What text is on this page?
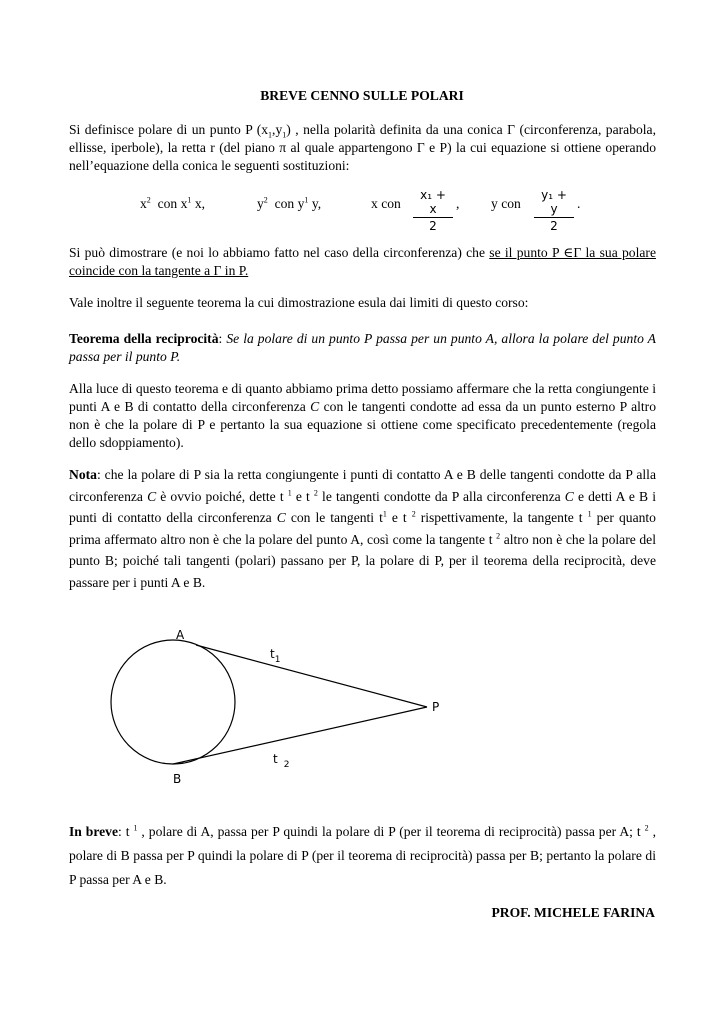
BREVE CENNO SULLE POLARI

Si definisce polare di un punto P $(x_1,y_1)$ , nella polarità definita da una conica Γ (circonferenza, parabola, ellisse, iperbole), la retta r (del piano π al quale appartengono Γ e P) la cui equazione si ottiene operando nell’equazione della conica le seguenti sostituzioni:

$x^2$ con $x^1$ x,	$y^2$ con $y^1$ y,	x con $\frac{\text{x₁ + x}}{2}$ , y con $\frac{\text{y₁ + y}}{2}$ .

Si può dimostrare (e noi lo abbiamo fatto nel caso della circonferenza) che se il punto P ∈Γ la sua polare coincide con la tangente a Γ in P.

Vale inoltre il seguente teorema la cui dimostrazione esula dai limiti di questo corso:

Teorema della reciprocità: Se la polare di un punto P passa per un punto A, allora la polare del punto A passa per il punto P.

Alla luce di questo teorema e di quanto abbiamo prima detto possiamo affermare che la retta congiungente i punti A e B di contatto della circonferenza C con le tangenti condotte ad essa da un punto esterno P altro non è che la polare di P e pertanto la sua equazione si ottiene come specificato precedentemente (regola dello sdoppiamento).

Nota: che la polare di P sia la retta congiungente i punti di contatto A e B delle tangenti condotte da P alla circonferenza C è ovvio poiché, dette t $^1$ e t $^2$ le tangenti condotte da P alla circonferenza C e detti A e B i punti di contatto della circonferenza C con le tangenti $t^1$ e t $^2$ rispettivamente, la tangente t $^1$ per quanto prima affermato altro non è che la polare del punto A, così come la tangente t $^2$ altro non è che la polare del punto B; poiché tali tangenti (polari) passano per P, la polare di P, per il teorema della reciprocità, deve passare per i punti A e B.

A
B
P
$t_1$
t $_2$

In breve: t $^1$ , polare di A, passa per P quindi la polare di P (per il teorema di reciprocità) passa per A; t $^2$ , polare di B passa per P quindi la polare di P (per il teorema di reciprocità) passa per B; pertanto la polare di P passa per A e B.

PROF. MICHELE FARINA
